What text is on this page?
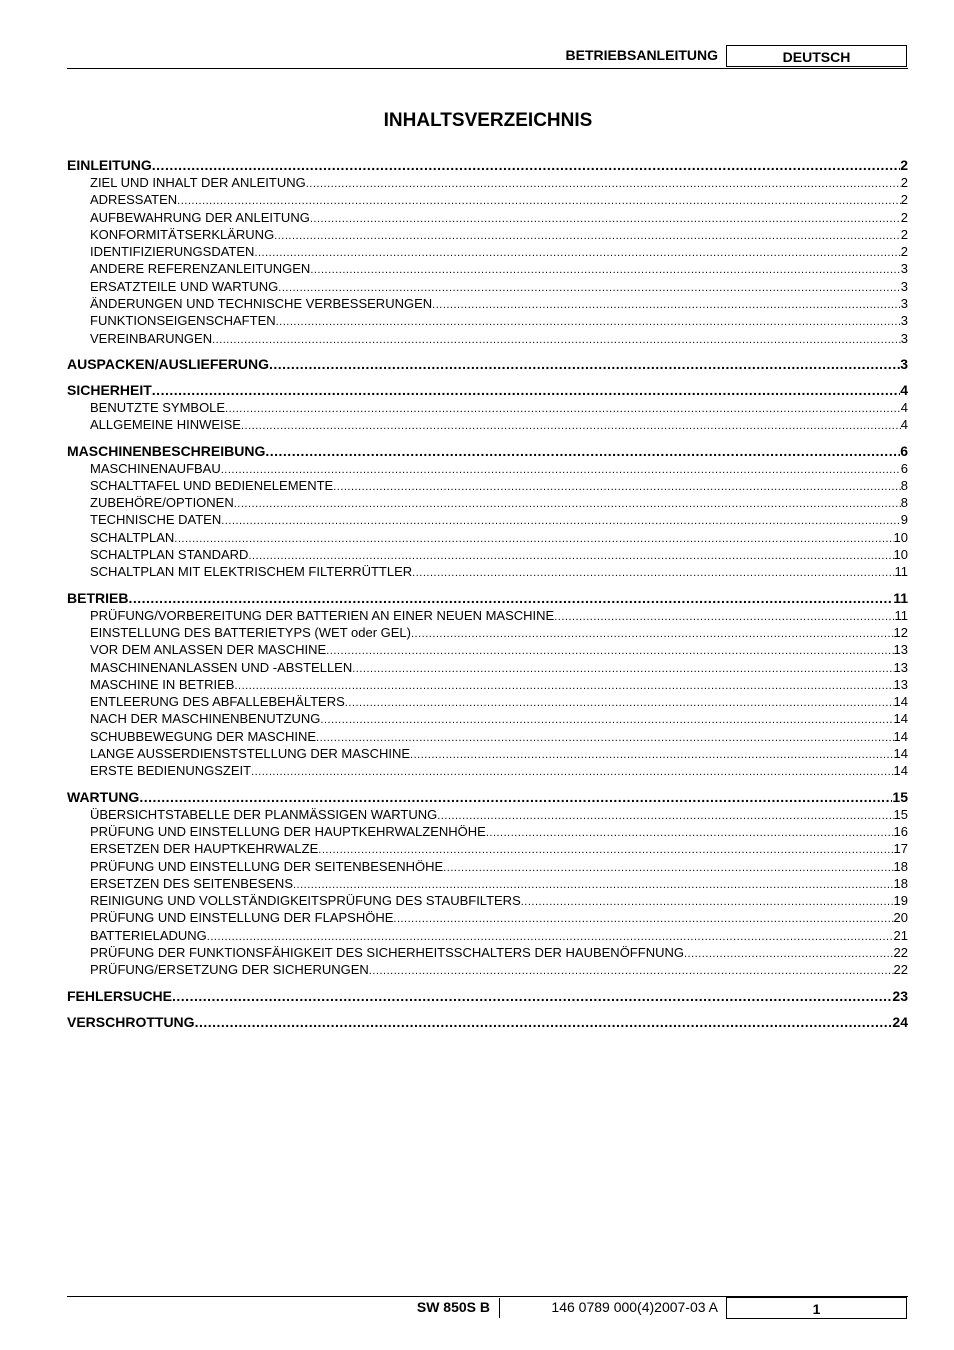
BETRIEBSANLEITUNG	DEUTSCH
INHALTSVERZEICHNIS
EINLEITUNG .....	2
ZIEL UND INHALT DER ANLEITUNG .....	2
ADRESSATEN .....	2
AUFBEWAHRUNG DER ANLEITUNG .....	2
KONFORMITÄTSERKLÄRUNG .....	2
IDENTIFIZIERUNGSDATEN .....	2
ANDERE REFERENZANLEITUNGEN .....	3
ERSATZTEILE UND WARTUNG .....	3
ÄNDERUNGEN UND TECHNISCHE VERBESSERUNGEN .....	3
FUNKTIONSEIGENSCHAFTEN .....	3
VEREINBARUNGEN .....	3
AUSPACKEN/AUSLIEFERUNG .....	3
SICHERHEIT .....	4
BENUTZTE SYMBOLE .....	4
ALLGEMEINE HINWEISE .....	4
MASCHINENBESCHREIBUNG .....	6
MASCHINENAUFBAU .....	6
SCHALTTAFEL UND BEDIENELEMENTE .....	8
ZUBEHÖRE/OPTIONEN .....	8
TECHNISCHE DATEN .....	9
SCHALTPLAN .....	10
SCHALTPLAN STANDARD .....	10
SCHALTPLAN MIT ELEKTRISCHEM FILTERRÜTTLER .....	11
BETRIEB .....	11
PRÜFUNG/VORBEREITUNG DER BATTERIEN AN EINER NEUEN MASCHINE .....	11
EINSTELLUNG DES BATTERIETYPS (WET oder GEL) .....	12
VOR DEM ANLASSEN DER MASCHINE .....	13
MASCHINENANLASSEN UND -ABSTELLEN .....	13
MASCHINE IN BETRIEB .....	13
ENTLEERUNG DES ABFALLEBEHÄLTERS .....	14
NACH DER MASCHINENBENUTZUNG .....	14
SCHUBBEWEGUNG DER MASCHINE .....	14
LANGE AUSSERDIENSTSTELLUNG DER MASCHINE .....	14
ERSTE BEDIENUNGSZEIT .....	14
WARTUNG .....	15
ÜBERSICHTSTABELLE DER PLANMÄSSIGEN WARTUNG .....	15
PRÜFUNG UND EINSTELLUNG DER HAUPTKEHRWALZENHÖHE .....	16
ERSETZEN DER HAUPTKEHRWALZE .....	17
PRÜFUNG UND EINSTELLUNG DER SEITENBESENHÖHE .....	18
ERSETZEN DES SEITENBESENS .....	18
REINIGUNG UND VOLLSTÄNDIGKEITSPRÜFUNG DES STAUBFILTERS .....	19
PRÜFUNG UND EINSTELLUNG DER FLAPSHÖHE .....	20
BATTERIELADUNG .....	21
PRÜFUNG DER FUNKTIONSFÄHIGKEIT DES SICHERHEITSSCHALTERS DER HAUBENÖFFNUNG .....	22
PRÜFUNG/ERSETZUNG DER SICHERUNGEN .....	22
FEHLERSUCHE .....	23
VERSCHROTTUNG .....	24
SW 850S B	146 0789 000(4)2007-03 A	1
